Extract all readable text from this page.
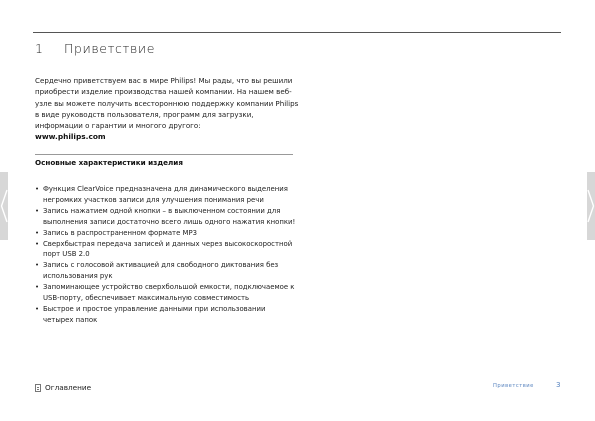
1 Приветствие

Сердечно приветствуем вас в мире Philips! Мы рады, что вы решили приобрести изделие производства нашей компании. На нашем веб-узле вы можете получить всестороннюю поддержку компании Philips в виде руководств пользователя, программ для загрузки, информации о гарантии и многого другого:

www.philips.com
Основные характеристики изделия
• Функция ClearVoice предназначена для динамического выделения негромких участков записи для улучшения понимания речи
• Запись нажатием одной кнопки – в выключенном состоянии для выполнения записи достаточно всего лишь одного нажатия кнопки!
• Запись в распространенном формате MP3
• Сверхбыстрая передача записей и данных через высокоскоростной порт USB 2.0
• Запись с голосовой активацией для свободного диктования без использования рук
• Запоминающее устройство сверхбольшой емкости, подключаемое к USB-порту, обеспечивает максимальную совместимость
• Быстрое и простое управление данными при использовании четырех папок
Оглавление	Приветствие	3
